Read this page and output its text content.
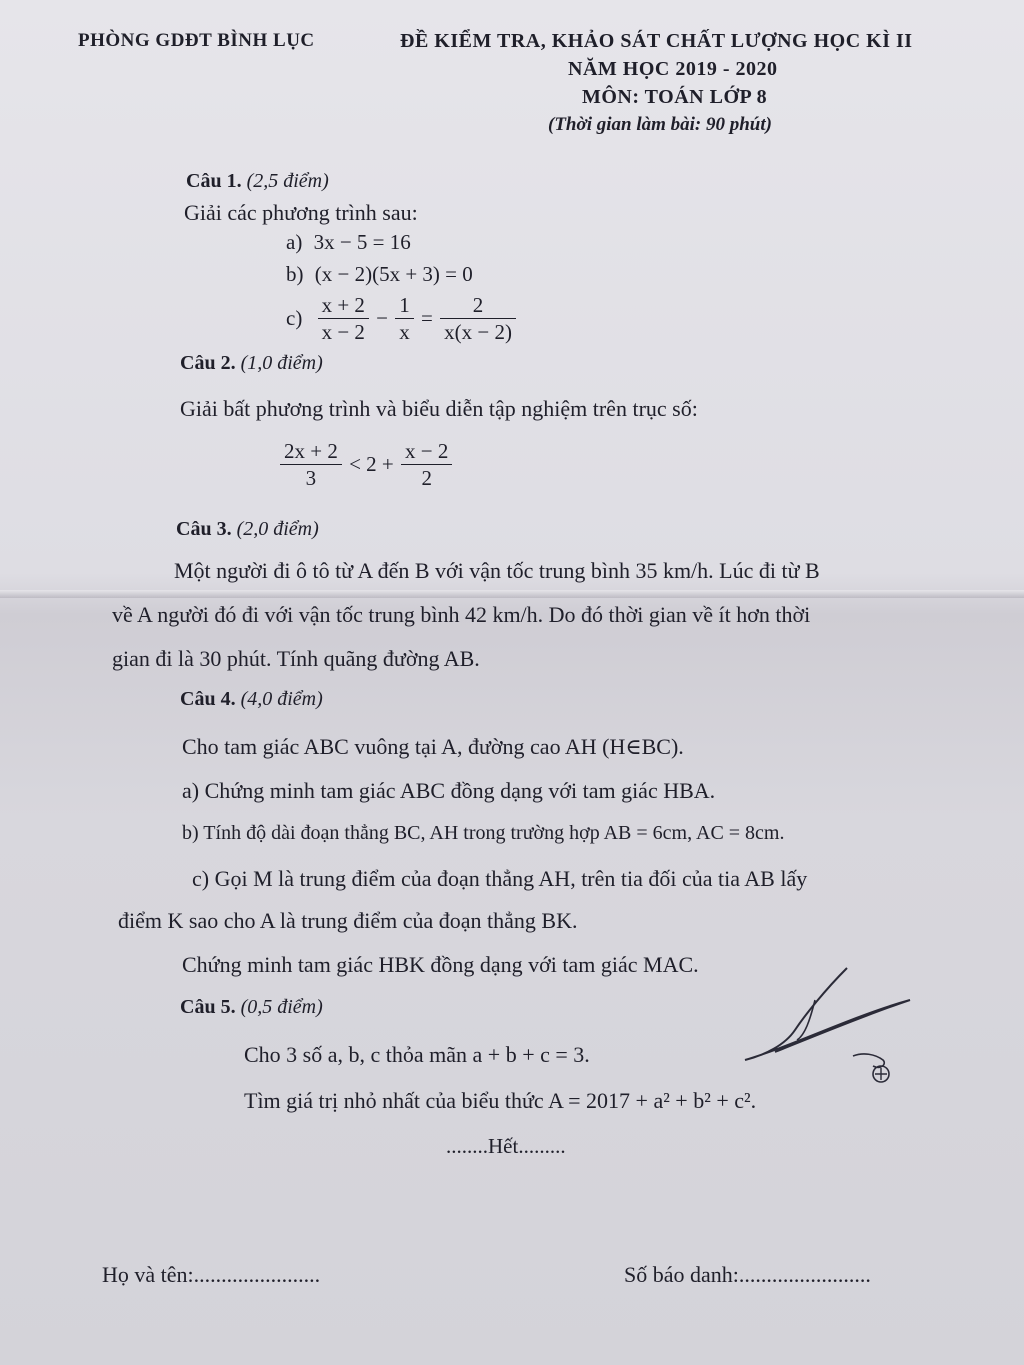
PHÒNG GDĐT BÌNH LỤC	ĐỀ KIỂM TRA, KHẢO SÁT CHẤT LƯỢNG HỌC KÌ II
NĂM HỌC 2019 - 2020
MÔN: TOÁN LỚP 8
(Thời gian làm bài: 90 phút)
Câu 1. (2,5 điểm)
Giải các phương trình sau:
a) 3x − 5 = 16
b) (x − 2)(5x + 3) = 0
$c) \frac{x + 2}{x - 2} - \frac{1}{x} = \frac{2}{x(x - 2)}$
Câu 2. (1,0 điểm)
Giải bất phương trình và biểu diễn tập nghiệm trên trục số:
$\frac{2x + 2}{3} < 2 + \frac{x - 2}{2}$
Câu 3. (2,0 điểm)
Một người đi ô tô từ A đến B với vận tốc trung bình 35 km/h. Lúc đi từ B
về A người đó đi với vận tốc trung bình 42 km/h. Do đó thời gian về ít hơn thời
gian đi là 30 phút. Tính quãng đường AB.
Câu 4. (4,0 điểm)
Cho tam giác ABC vuông tại A, đường cao AH (H∈BC).
a) Chứng minh tam giác ABC đồng dạng với tam giác HBA.
b) Tính độ dài đoạn thẳng BC, AH trong trường hợp AB = 6cm, AC = 8cm.
c) Gọi M là trung điểm của đoạn thẳng AH, trên tia đối của tia AB lấy
điểm K sao cho A là trung điểm của đoạn thẳng BK.
Chứng minh tam giác HBK đồng dạng với tam giác MAC.
Câu 5. (0,5 điểm)
Cho 3 số a, b, c thỏa mãn a + b + c = 3.
Tìm giá trị nhỏ nhất của biểu thức A = 2017 + a² + b² + c².
........Hết.........
Họ và tên:.......................	Số báo danh:........................
